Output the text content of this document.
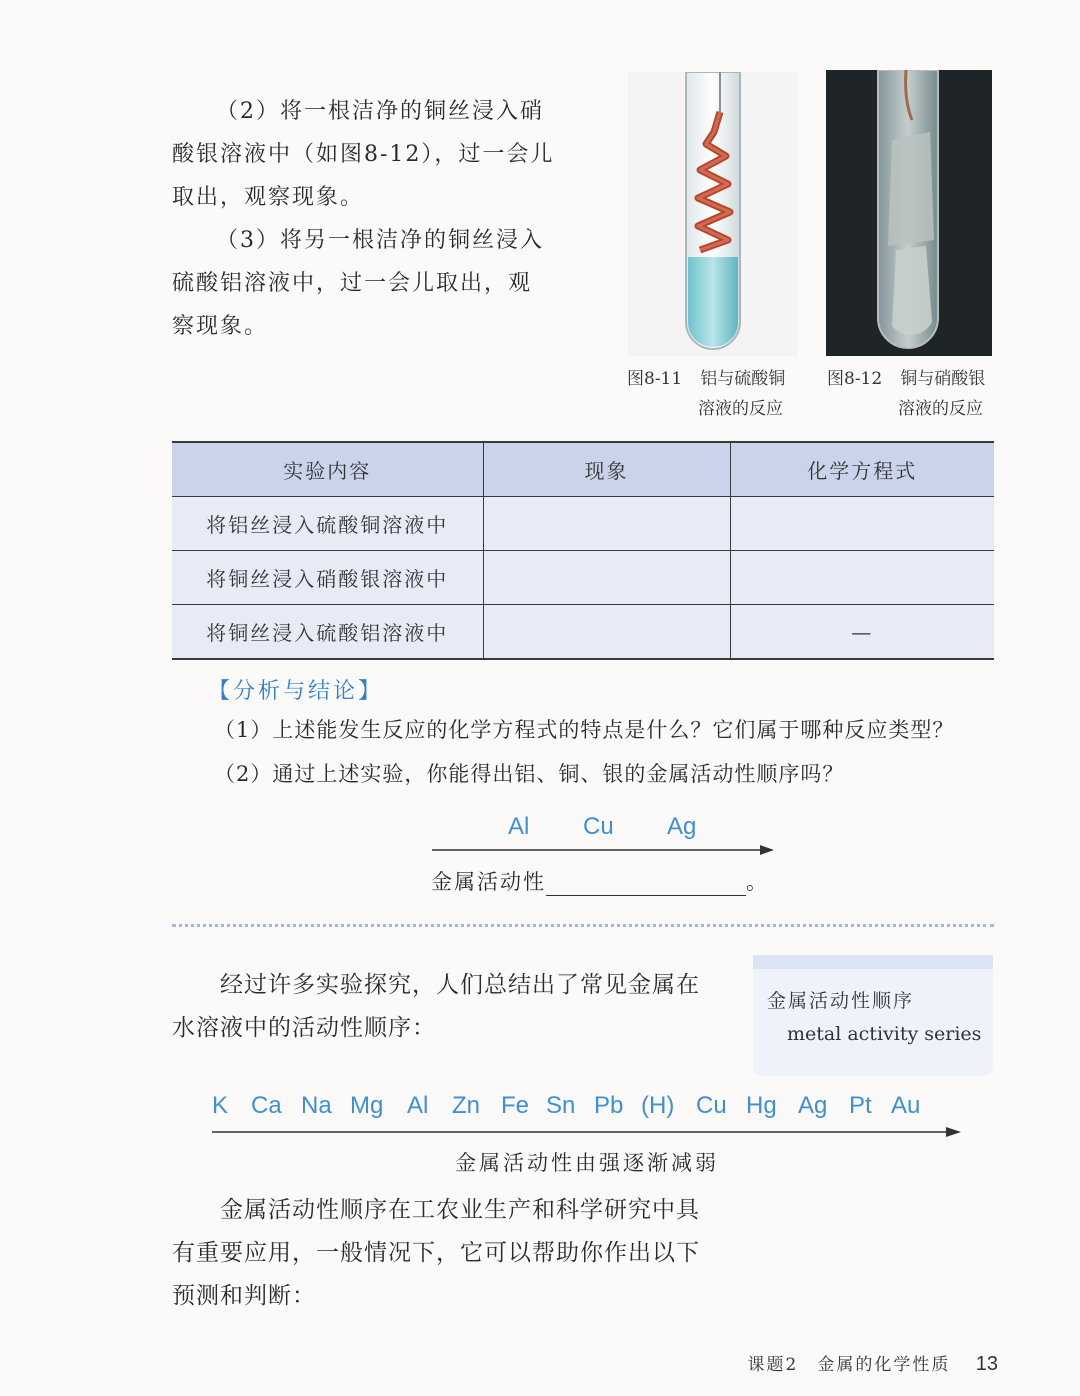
（2）将一根洁净的铜丝浸入硝
酸银溶液中（如图8-12），过一会儿
取出，观察现象。
（3）将另一根洁净的铜丝浸入
硫酸铝溶液中，过一会儿取出，观
察现象。
图8-11 铝与硫酸铜
溶液的反应
图8-12 铜与硝酸银
溶液的反应
实验内容	现象	化学方程式
将铝丝浸入硫酸铜溶液中		
将铜丝浸入硝酸银溶液中		
将铜丝浸入硫酸铝溶液中		—
【分析与结论】
（1）上述能发生反应的化学方程式的特点是什么？它们属于哪种反应类型？
（2）通过上述实验，你能得出铝、铜、银的金属活动性顺序吗？
Al Cu Ag
金属活动性	。
经过许多实验探究，人们总结出了常见金属在
水溶液中的活动性顺序：
金属活动性顺序
metal activity series
K Ca Na Mg Al Zn Fe Sn Pb (H) Cu Hg Ag Pt Au
金属活动性由强逐渐减弱
金属活动性顺序在工农业生产和科学研究中具
有重要应用，一般情况下，它可以帮助你作出以下
预测和判断：
课题2　金属的化学性质 13
